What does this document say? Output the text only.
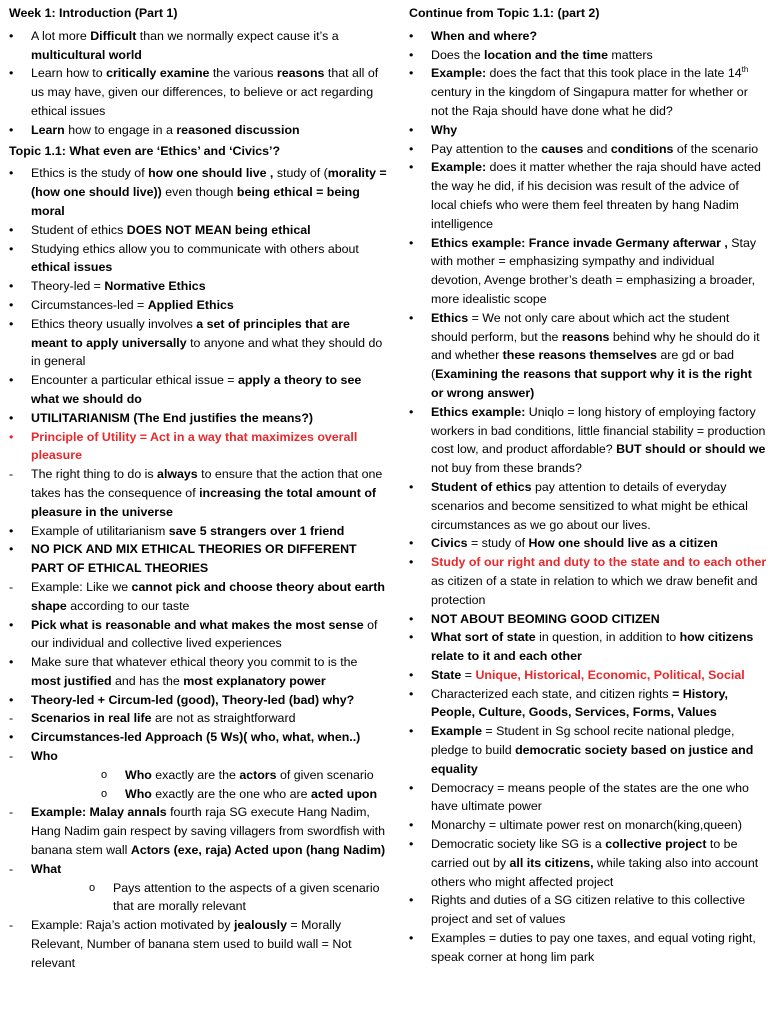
Week 1: Introduction (Part 1)
•	A lot more Difficult than we normally expect cause it’s a multicultural world
•	Learn how to critically examine the various reasons that all of us may have, given our differences, to believe or act regarding ethical issues
•	Learn how to engage in a reasoned discussion
Topic 1.1: What even are ‘Ethics’ and ‘Civics’?
•	Ethics is the study of how one should live , study of (morality = (how one should live)) even though being ethical = being moral
•	Student of ethics DOES NOT MEAN being ethical
•	Studying ethics allow you to communicate with others about ethical issues
•	Theory-led = Normative Ethics
•	Circumstances-led = Applied Ethics
•	Ethics theory usually involves a set of principles that are meant to apply universally to anyone and what they should do in general
•	Encounter a particular ethical issue = apply a theory to see what we should do
•	UTILITARIANISM (The End justifies the means?)
•	Principle of Utility = Act in a way that maximizes overall pleasure
-	The right thing to do is always to ensure that the action that one takes has the consequence of increasing the total amount of pleasure in the universe
•	Example of utilitarianism save 5 strangers over 1 friend
•	NO PICK AND MIX ETHICAL THEORIES OR DIFFERENT PART OF ETHICAL THEORIES
-	Example: Like we cannot pick and choose theory about earth shape according to our taste
•	Pick what is reasonable and what makes the most sense of our individual and collective lived experiences
•	Make sure that whatever ethical theory you commit to is the most justified and has the most explanatory power
•	Theory-led + Circum-led (good), Theory-led (bad) why?
-	Scenarios in real life are not as straightforward
•	Circumstances-led Approach (5 Ws)( who, what, when..)
-	Who
o Who exactly are the actors of given scenario
o Who exactly are the one who are acted upon
-	Example: Malay annals fourth raja SG execute Hang Nadim, Hang Nadim gain respect by saving villagers from swordfish with banana stem wall Actors (exe, raja) Acted upon (hang Nadim)
-	What
o Pays attention to the aspects of a given scenario that are morally relevant
-	Example: Raja’s action motivated by jealously = Morally Relevant, Number of banana stem used to build wall = Not relevant
Continue from Topic 1.1: (part 2)
•	When and where?
•	Does the location and the time matters
•	Example: does the fact that this took place in the late 14th century in the kingdom of Singapura matter for whether or not the Raja should have done what he did?
•	Why
•	Pay attention to the causes and conditions of the scenario
•	Example: does it matter whether the raja should have acted the way he did, if his decision was result of the advice of local chiefs who were them feel threaten by hang Nadim intelligence
•	Ethics example: France invade Germany afterwar , Stay with mother = emphasizing sympathy and individual devotion, Avenge brother’s death = emphasizing a broader, more idealistic scope
•	Ethics = We not only care about which act the student should perform, but the reasons behind why he should do it and whether these reasons themselves are gd or bad (Examining the reasons that support why it is the right or wrong answer)
•	Ethics example: Uniqlo = long history of employing factory workers in bad conditions, little financial stability = production cost low, and product affordable? BUT should or should we not buy from these brands?
•	Student of ethics pay attention to details of everyday scenarios and become sensitized to what might be ethical circumstances as we go about our lives.
•	Civics = study of How one should live as a citizen
•	Study of our right and duty to the state and to each other as citizen of a state in relation to which we draw benefit and protection
•	NOT ABOUT BEOMING GOOD CITIZEN
•	What sort of state in question, in addition to how citizens relate to it and each other
•	State = Unique, Historical, Economic, Political, Social
•	Characterized each state, and citizen rights = History, People, Culture, Goods, Services, Forms, Values
•	Example = Student in Sg school recite national pledge, pledge to build democratic society based on justice and equality
•	Democracy = means people of the states are the one who have ultimate power
•	Monarchy = ultimate power rest on monarch(king,queen)
•	Democratic society like SG is a collective project to be carried out by all its citizens, while taking also into account others who might affected project
•	Rights and duties of a SG citizen relative to this collective project and set of values
•	Examples = duties to pay one taxes, and equal voting right, speak corner at hong lim park
